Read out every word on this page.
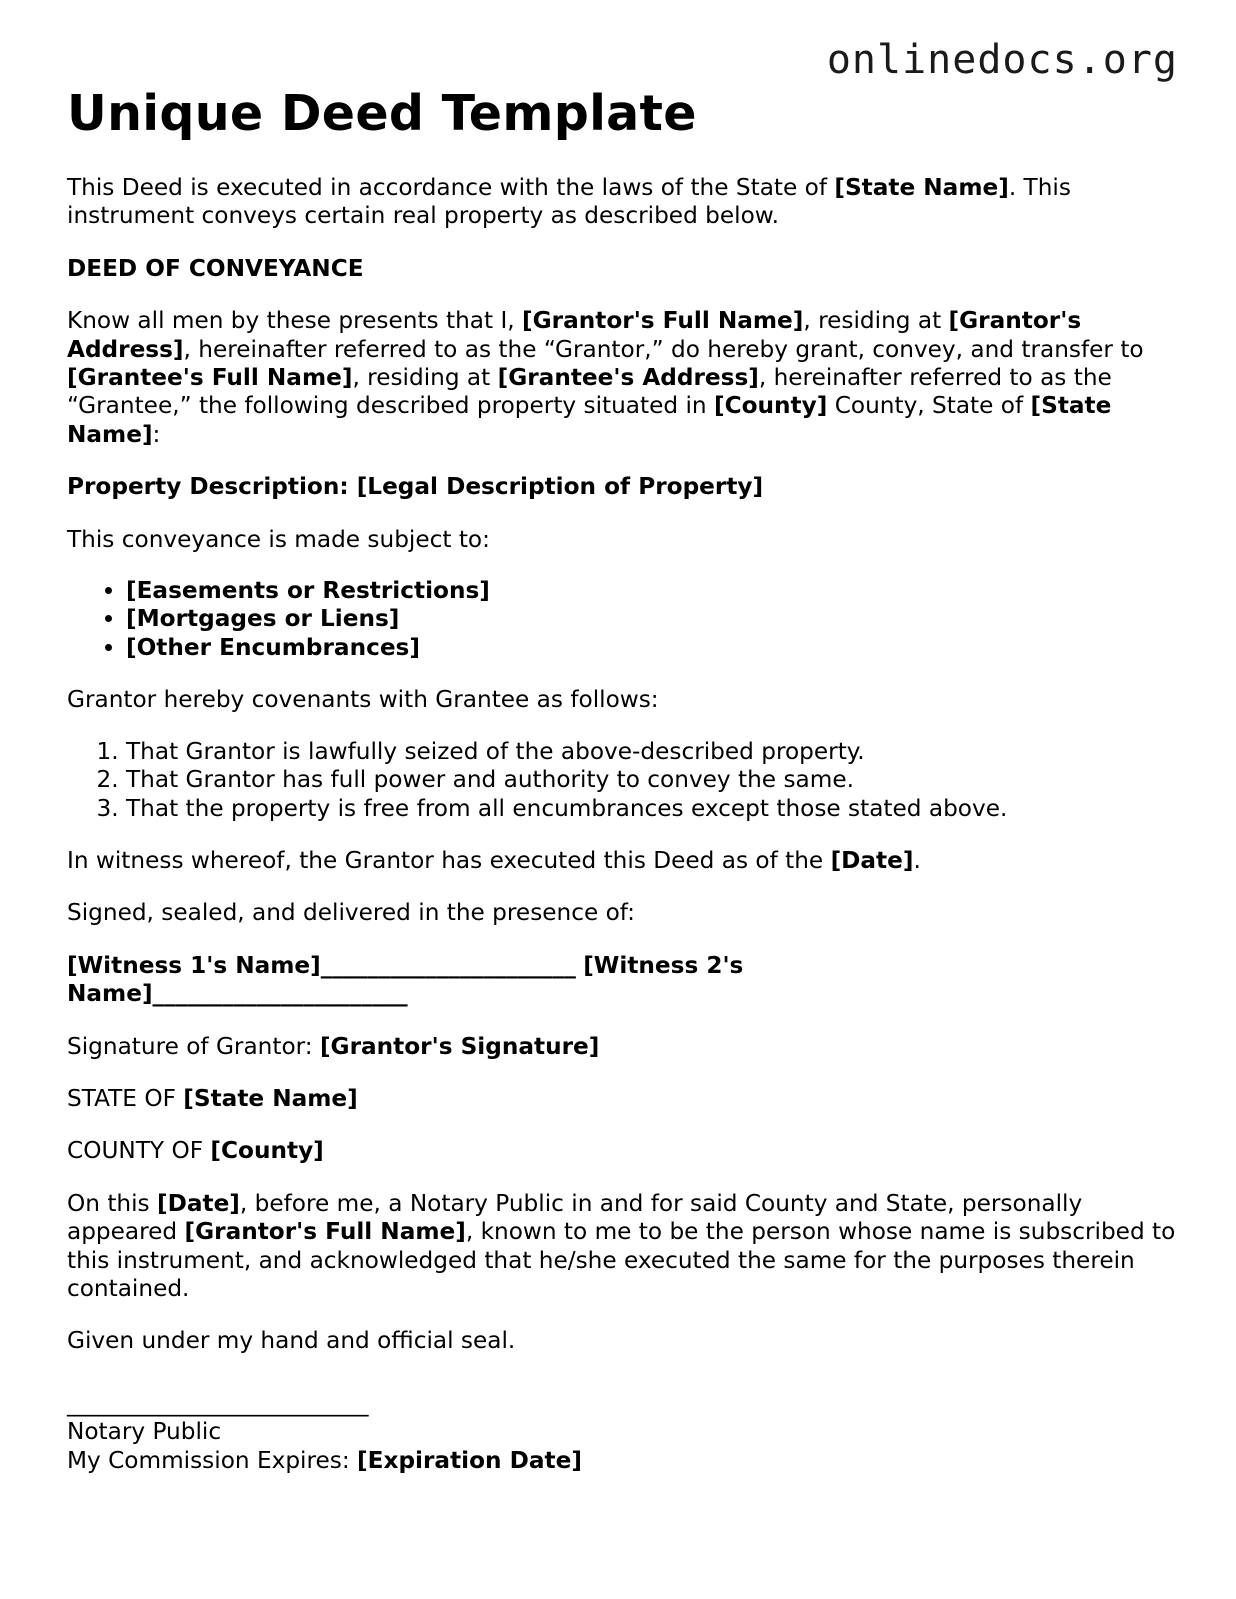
onlinedocs.org
Unique Deed Template

This Deed is executed in accordance with the laws of the State of [State Name]. This instrument conveys certain real property as described below.

DEED OF CONVEYANCE

Know all men by these presents that I, [Grantor's Full Name], residing at [Grantor's Address], hereinafter referred to as the “Grantor,” do hereby grant, convey, and transfer to [Grantee's Full Name], residing at [Grantee's Address], hereinafter referred to as the “Grantee,” the following described property situated in [County] County, State of [State Name]:

Property Description: [Legal Description of Property]

This conveyance is made subject to:

• [Easements or Restrictions]
• [Mortgages or Liens]
• [Other Encumbrances]

Grantor hereby covenants with Grantee as follows:

1. That Grantor is lawfully seized of the above-described property.
2. That Grantor has full power and authority to convey the same.
3. That the property is free from all encumbrances except those stated above.

In witness whereof, the Grantor has executed this Deed as of the [Date].

Signed, sealed, and delivered in the presence of:

[Witness 1's Name]______________________ [Witness 2's Name]______________________

Signature of Grantor: [Grantor's Signature]

STATE OF [State Name]

COUNTY OF [County]

On this [Date], before me, a Notary Public in and for said County and State, personally appeared [Grantor's Full Name], known to me to be the person whose name is subscribed to this instrument, and acknowledged that he/she executed the same for the purposes therein contained.

Given under my hand and official seal.

__________________________

Notary Public

My Commission Expires: [Expiration Date]
